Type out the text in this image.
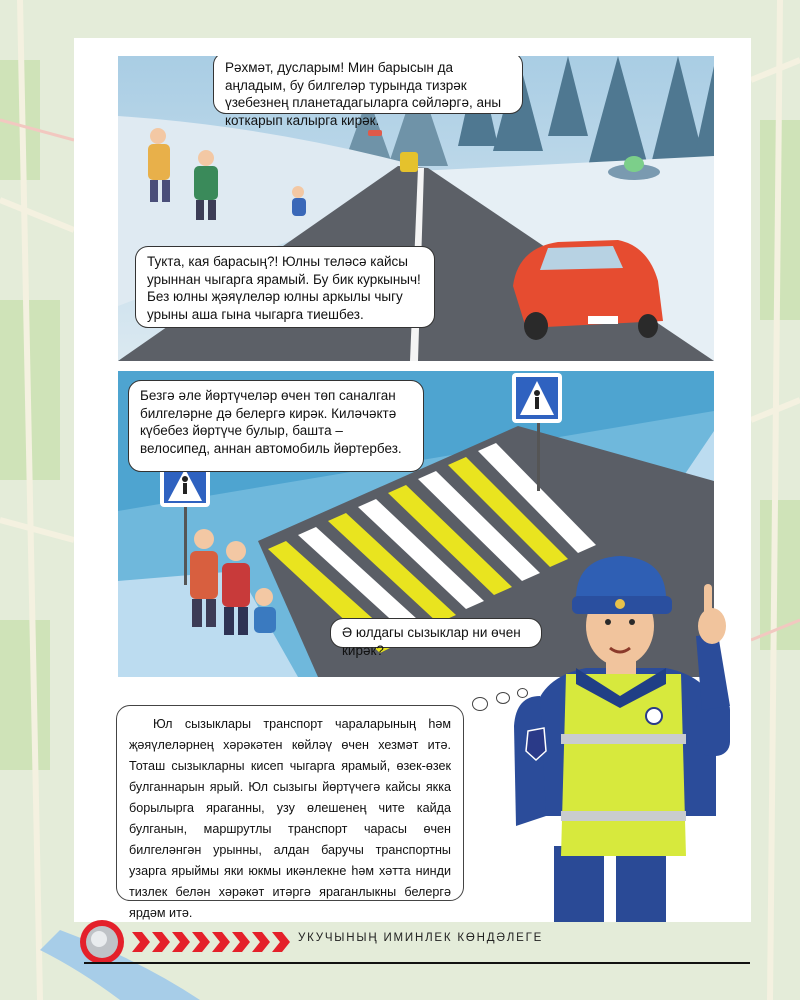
Рәхмәт, дусларым! Мин барысын да аңладым, бу билгеләр турында тизрәк үзебезнең планетадагыларга сөйләргә, аны коткарып калырга кирәк.
Тукта, кая барасың?! Юлны теләсә кайсы урыннан чыгарга ярамый. Бу бик куркыныч! Без юлны җәяүлеләр юлны аркылы чыгу урыны аша гына чыгарга тиешбез.
Безгә әле йөртүчеләр өчен төп саналган билгеләрне дә белергә кирәк. Киләчәктә күбебез йөртүче булыр, башта – велосипед, аннан автомобиль йөртербез.
Ә юлдагы сызыклар ни өчен кирәк?
Юл сызыклары транспорт чараларының һәм җәяүлеләрнең хәрәкәтен көйләү өчен хезмәт итә. Тоташ сызыкларны кисеп чыгарга ярамый, өзек-өзек булганнарын ярый. Юл сызыгы йөртүчегә кайсы якка борылырга яраганны, узу өлешенең чите кайда булганын, маршрутлы транспорт чарасы өчен билгеләнгән урынны, алдан баручы транспортны узарга ярыймы яки юкмы икәнлекне һәм хәтта нинди тизлек белән хәрәкәт итәргә яраганлыкны белергә ярдәм итә.
УКУЧЫНЫҢ ИМИНЛЕК КӨНДӘЛЕГЕ
